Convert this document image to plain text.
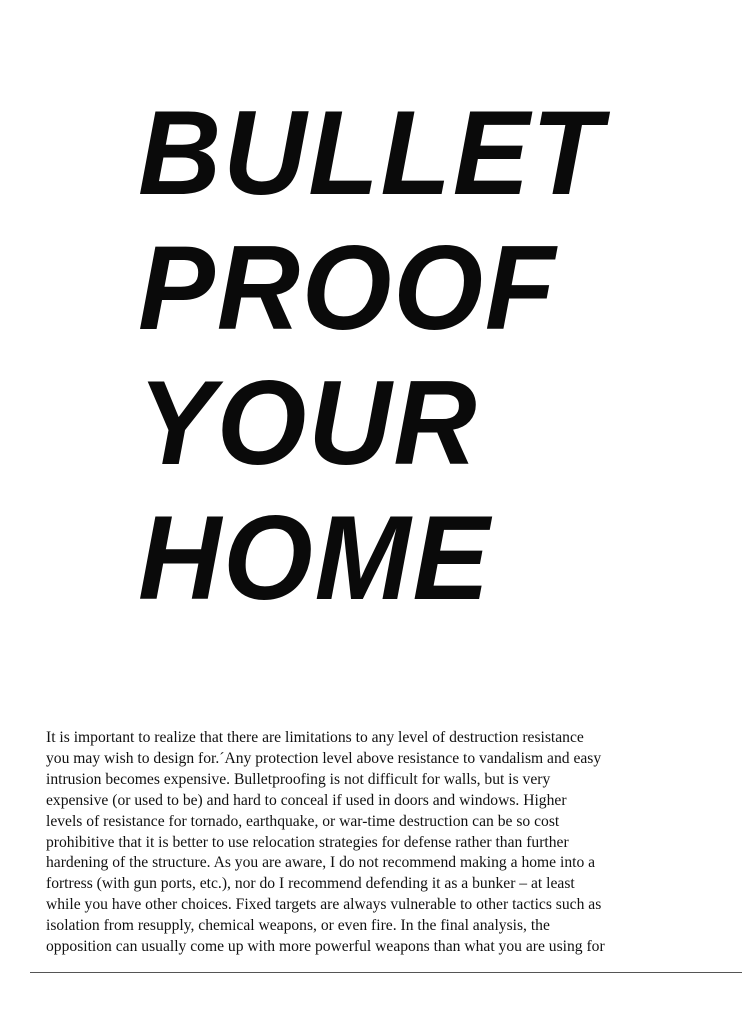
BULLET
PROOF
YOUR
HOME
It is important to realize that there are limitations to any level of destruction resistance
you may wish to design for.´Any protection level above resistance to vandalism and easy
intrusion becomes expensive. Bulletproofing is not difficult for walls, but is very
expensive (or used to be) and hard to conceal if used in doors and windows. Higher
levels of resistance for tornado, earthquake, or war-time destruction can be so cost
prohibitive that it is better to use relocation strategies for defense rather than further
hardening of the structure. As you are aware, I do not recommend making a home into a
fortress (with gun ports, etc.), nor do I recommend defending it as a bunker – at least
while you have other choices. Fixed targets are always vulnerable to other tactics such as
isolation from resupply, chemical weapons, or even fire. In the final analysis, the
opposition can usually come up with more powerful weapons than what you are using for
